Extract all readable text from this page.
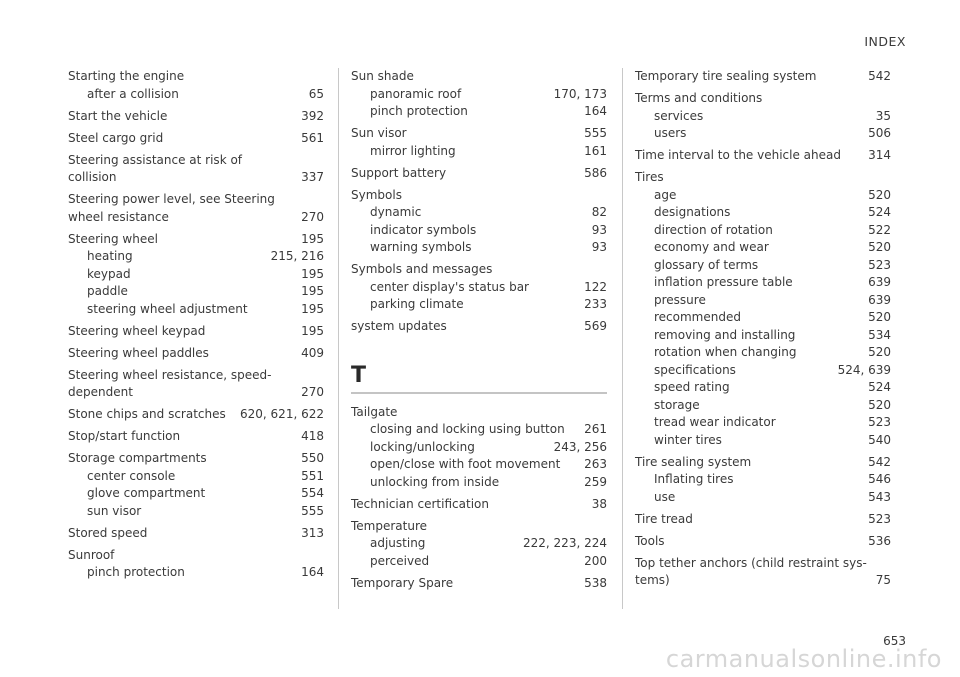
INDEX
Starting the engine
after a collision	65
Start the vehicle	392
Steel cargo grid	561
Steering assistance at risk of collision	337
Steering power level, see Steering wheel resistance	270
Steering wheel	195
heating	215, 216
keypad	195
paddle	195
steering wheel adjustment	195
Steering wheel keypad	195
Steering wheel paddles	409
Steering wheel resistance, speed-dependent	270
Stone chips and scratches	620, 621, 622
Stop/start function	418
Storage compartments	550
center console	551
glove compartment	554
sun visor	555
Stored speed	313
Sunroof
pinch protection	164
Sun shade
panoramic roof	170, 173
pinch protection	164
Sun visor	555
mirror lighting	161
Support battery	586
Symbols
dynamic	82
indicator symbols	93
warning symbols	93
Symbols and messages
center display's status bar	122
parking climate	233
system updates	569
T
Tailgate
closing and locking using button	261
locking/unlocking	243, 256
open/close with foot movement	263
unlocking from inside	259
Technician certification	38
Temperature
adjusting	222, 223, 224
perceived	200
Temporary Spare	538
Temporary tire sealing system	542
Terms and conditions
services	35
users	506
Time interval to the vehicle ahead	314
Tires
age	520
designations	524
direction of rotation	522
economy and wear	520
glossary of terms	523
inflation pressure table	639
pressure	639
recommended	520
removing and installing	534
rotation when changing	520
specifications	524, 639
speed rating	524
storage	520
tread wear indicator	523
winter tires	540
Tire sealing system	542
Inflating tires	546
use	543
Tire tread	523
Tools	536
Top tether anchors (child restraint sys-tems)	75
653
carmanualsonline.info
